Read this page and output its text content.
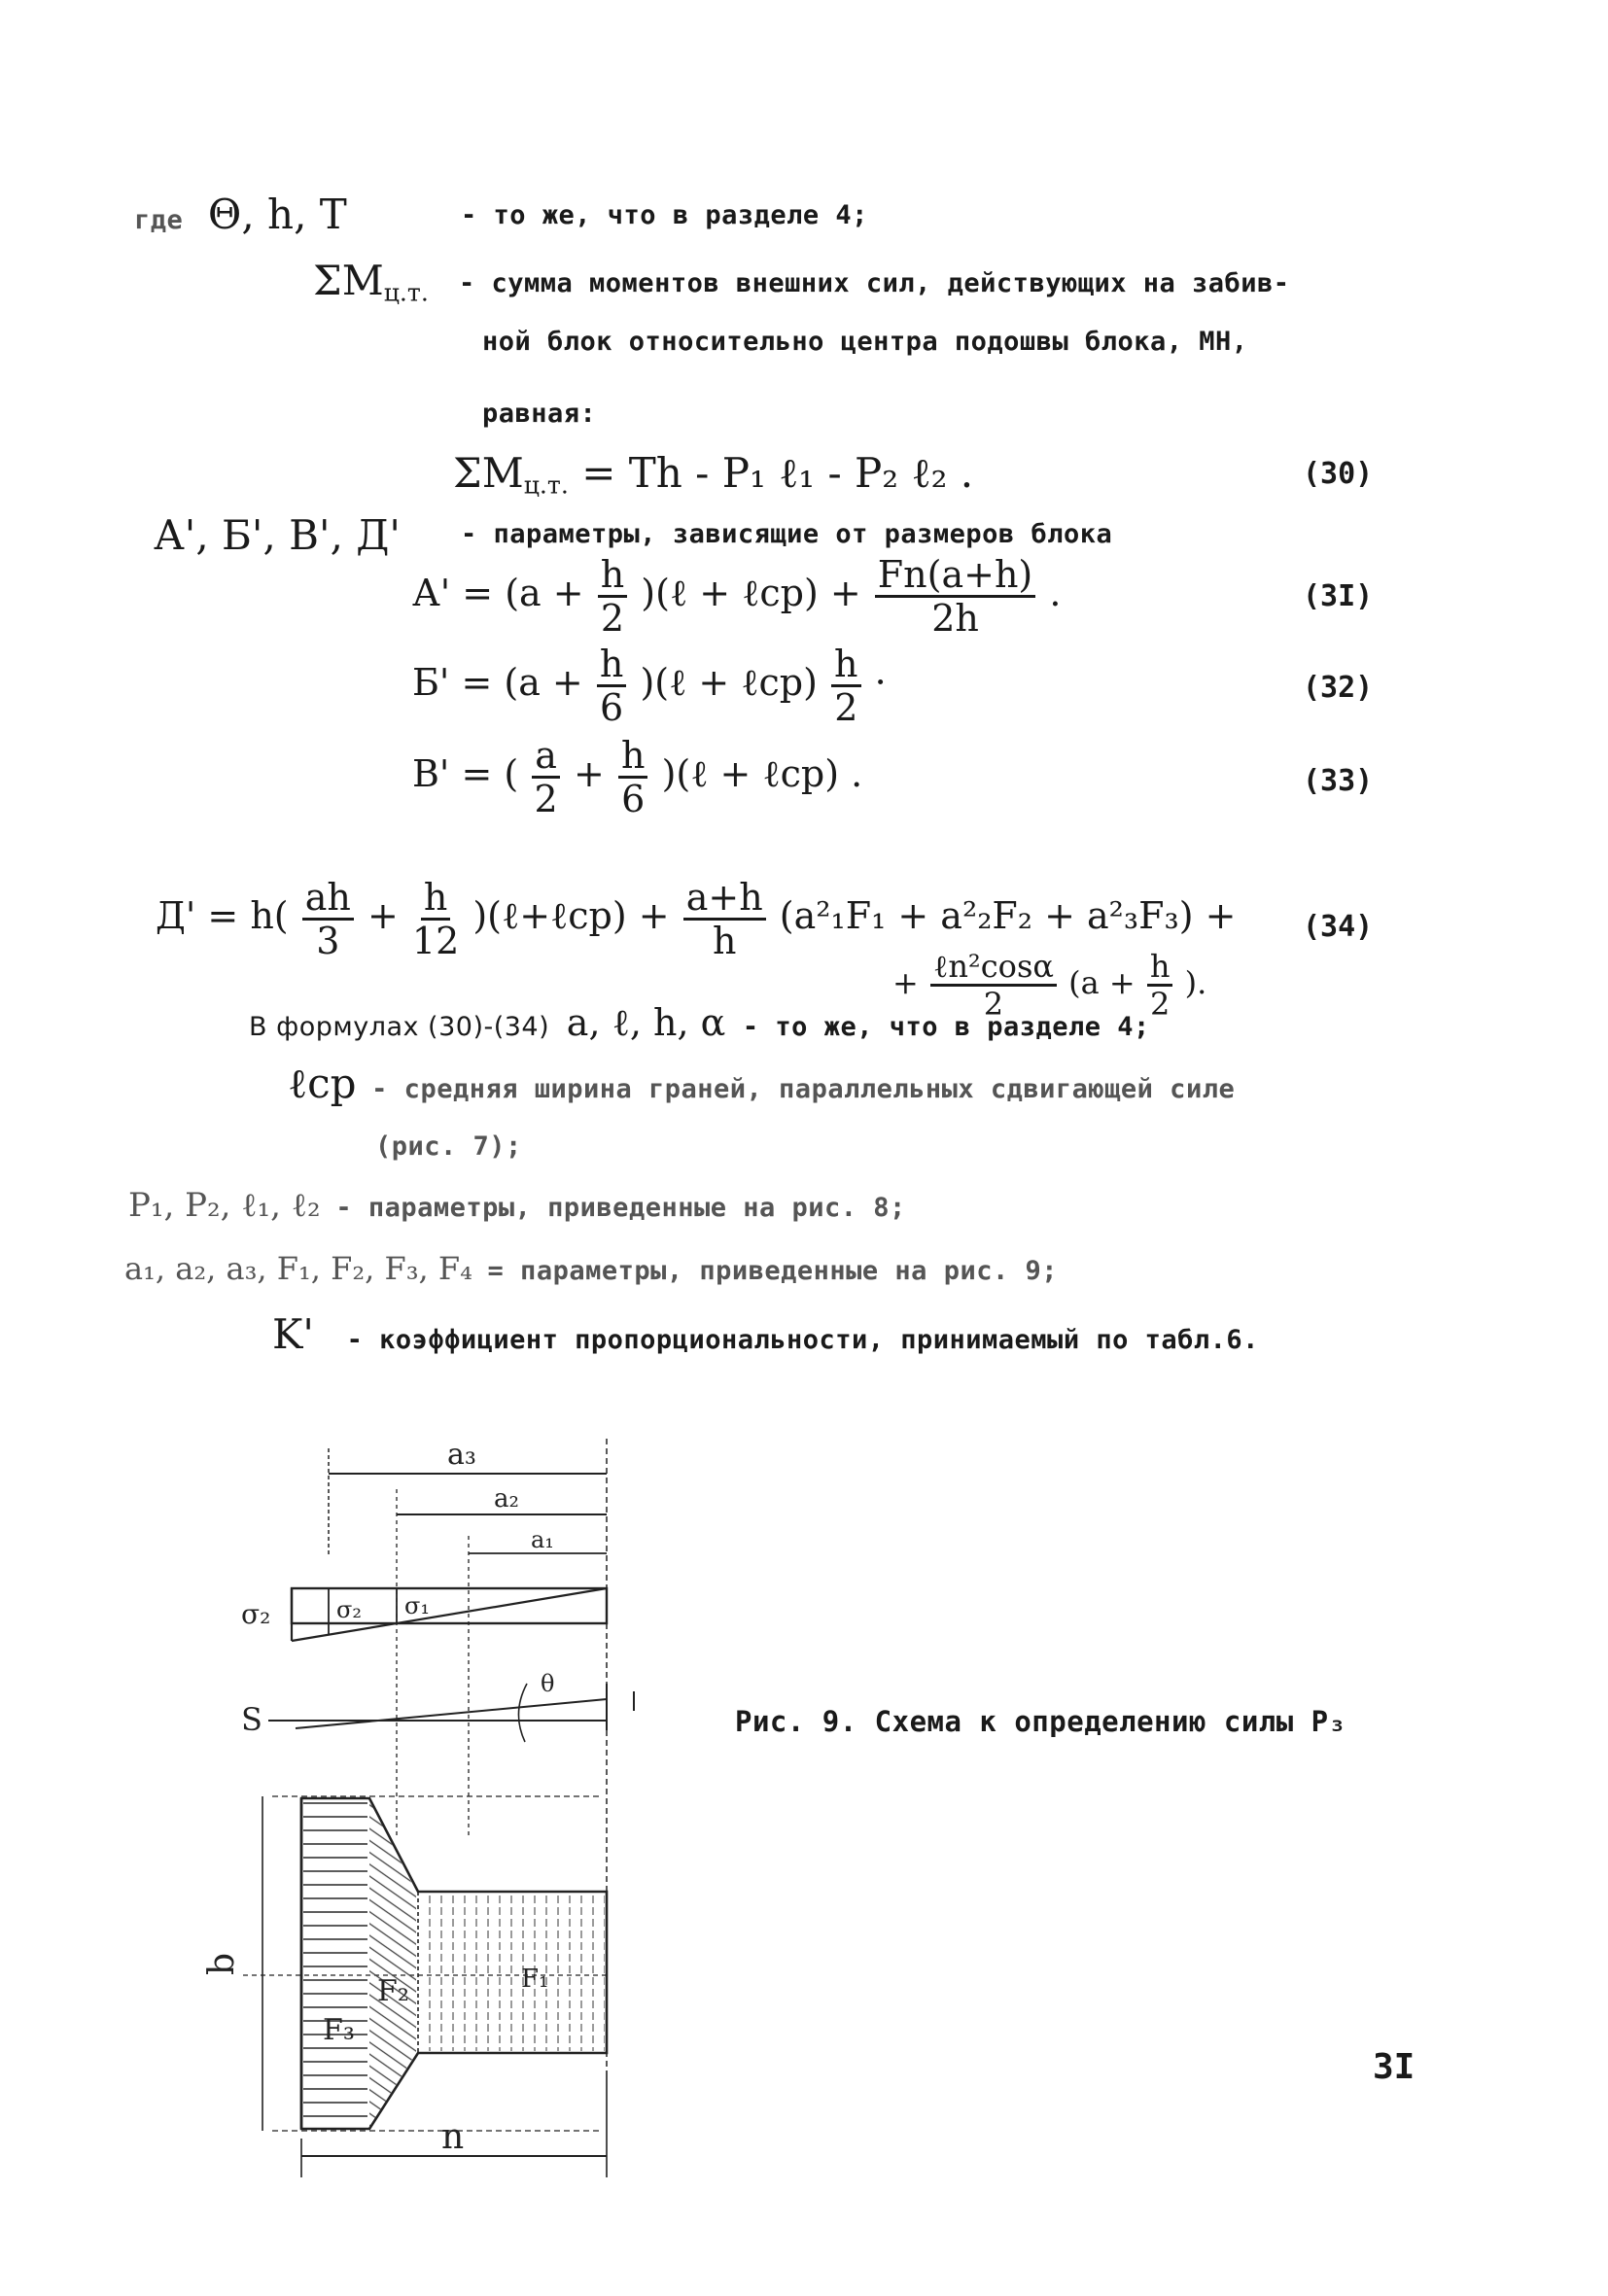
где Θ, h, T	- то же, что в разделе 4;
$\Sigma M_{ц.т.}$ - сумма моментов внешних сил, действующих на забив-
ной блок относительно центра подошвы блока, МН,
равная:
$\Sigma M_{ц.т.} = Th - P_1$ ℓ₁ - P₂ ℓ₂ .	(30)
А', Б', В', Д' - параметры, зависящие от размеров блока
$А' = (a + \frac{h}{2}$ )(ℓ + ℓср) + $\frac{Fn(a+h)}{2h}$ .	(3I)
$Б' = (a + \frac{h}{6}$ )(ℓ + ℓср) $\frac{h}{2}$ ·	(32)
В' = ( $\frac{a}{2} + \frac{h}{6}$ )(ℓ + ℓср) .	(33)
$Д' = h( \frac{ah}{3} + \frac{h}{12}$ )(ℓ+ℓср) + $\frac{a+h}{h} (a^2_1F_1 + a^2_2F_2 + a^2_3F_3) + (34)$
+ $\frac{\text{ℓn²cosα}}{2} (a + \frac{h}{2}$ ).
В формулах (30)-(34) a, ℓ, h, α - то же, что в разделе 4;
ℓср - средняя ширина граней, параллельных сдвигающей силе
(рис. 7);
P₁, P₂, ℓ₁, ℓ₂ - параметры, приведенные на рис. 8;
a₁, a₂, a₃, F₁, F₂, F₃, F₄ = параметры, приведенные на рис. 9;
K' - коэффициент пропорциональности, принимаемый по табл.6.
a₃
a₂
a₁
σ₂	σ₂ σ₁
S
θ
b
F₃
F₂	F₁
n
Рис. 9. Схема к определению силы P₃
3I
